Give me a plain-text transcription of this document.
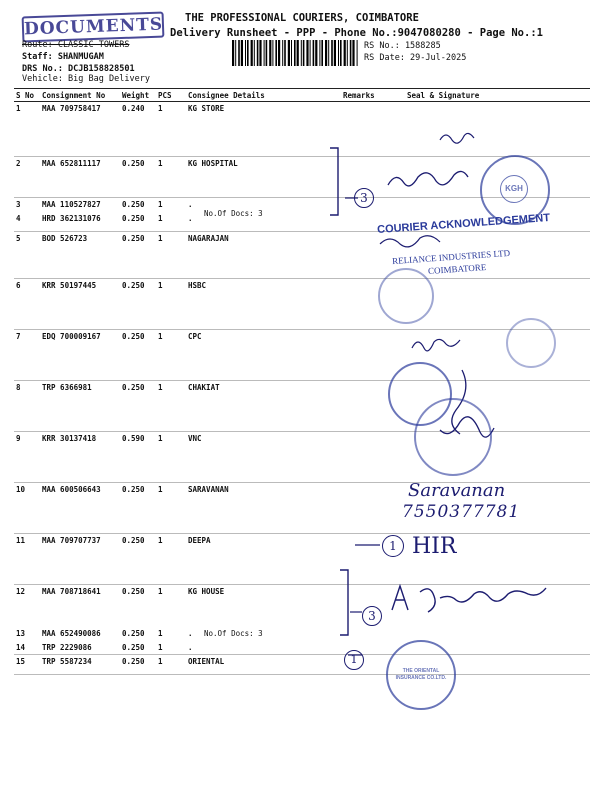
DOCUMENTS THE PROFESSIONAL COURIERS, COIMBATORE
Delivery Runsheet - PPP - Phone No.:9047080280 - Page No.:1
Route: CLASSIC TOWERS
Staff: SHANMUGAM
DRS No.: DCJB158828501
Vehicle: Big Bag Delivery
RS No.: 1588285
RS Date: 29-Jul-2025
S No	Consignment No	Weight	PCS	Consignee Details	Remarks	Seal & Signature
1	MAA 709758417	0.240	1	KG STORE		
2	MAA 652811117	0.250	1	KG HOSPITAL		
3	MAA 110527827	0.250	1	.		
4	HRD 362131076	0.250	1	.		
5	BOD 526723	0.250	1	NAGARAJAN		
6	KRR 50197445	0.250	1	HSBC		
7	EDQ 700009167	0.250	1	CPC		
8	TRP 6366981	0.250	1	CHAKIAT		
9	KRR 30137418	0.590	1	VNC		
10	MAA 600506643	0.250	1	SARAVANAN		
11	MAA 709707737	0.250	1	DEEPA		
12	MAA 708718641	0.250	1	KG HOUSE		
13	MAA 652490086	0.250	1	.		
14	TRP 2229086	0.250	1	.		
15	TRP 5587234	0.250	1	ORIENTAL		
No.Of Docs: 3
No.Of Docs: 3
3
3
1
1
HIR
Saravanan
7550377781
KGH
COURIER ACKNOWLEDGEMENT
RELIANCE INDUSTRIES LTD
COIMBATORE
THE ORIENTAL INSURANCE CO.LTD.
